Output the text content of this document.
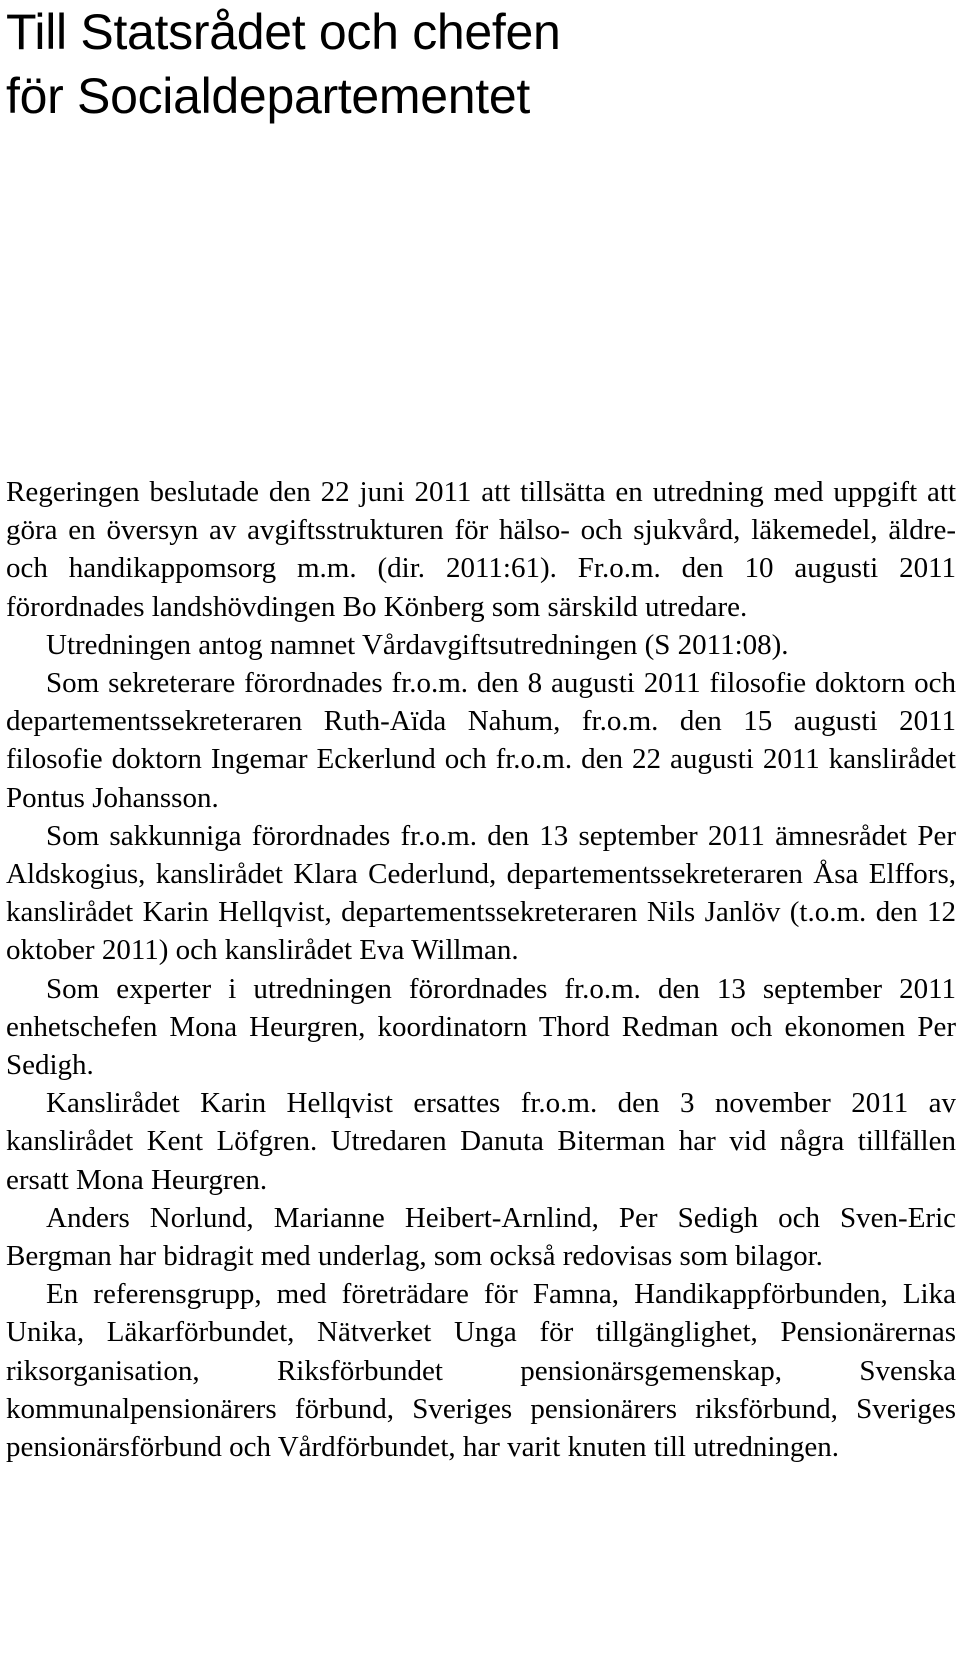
Till Statsrådet och chefen
för Socialdepartementet

Regeringen beslutade den 22 juni 2011 att tillsätta en utredning med uppgift att göra en översyn av avgiftsstrukturen för hälso- och sjukvård, läkemedel, äldre- och handikappomsorg m.m. (dir. 2011:61). Fr.o.m. den 10 augusti 2011 förordnades landshövdingen Bo Könberg som särskild utredare.

Utredningen antog namnet Vårdavgiftsutredningen (S 2011:08).

Som sekreterare förordnades fr.o.m. den 8 augusti 2011 filosofie doktorn och departementssekreteraren Ruth-Aïda Nahum, fr.o.m. den 15 augusti 2011 filosofie doktorn Ingemar Eckerlund och fr.o.m. den 22 augusti 2011 kanslirådet Pontus Johansson.

Som sakkunniga förordnades fr.o.m. den 13 september 2011 ämnesrådet Per Aldskogius, kanslirådet Klara Cederlund, departementssekreteraren Åsa Elffors, kanslirådet Karin Hellqvist, departementssekreteraren Nils Janlöv (t.o.m. den 12 oktober 2011) och kanslirådet Eva Willman.

Som experter i utredningen förordnades fr.o.m. den 13 september 2011 enhetschefen Mona Heurgren, koordinatorn Thord Redman och ekonomen Per Sedigh.

Kanslirådet Karin Hellqvist ersattes fr.o.m. den 3 november 2011 av kanslirådet Kent Löfgren. Utredaren Danuta Biterman har vid några tillfällen ersatt Mona Heurgren.

Anders Norlund, Marianne Heibert-Arnlind, Per Sedigh och Sven-Eric Bergman har bidragit med underlag, som också redovisas som bilagor.

En referensgrupp, med företrädare för Famna, Handikappförbunden, Lika Unika, Läkarförbundet, Nätverket Unga för tillgänglighet, Pensionärernas riksorganisation, Riksförbundet pensionärsgemenskap, Svenska kommunalpensionärers förbund, Sveriges pensionärers riksförbund, Sveriges pensionärsförbund och Vårdförbundet, har varit knuten till utredningen.
